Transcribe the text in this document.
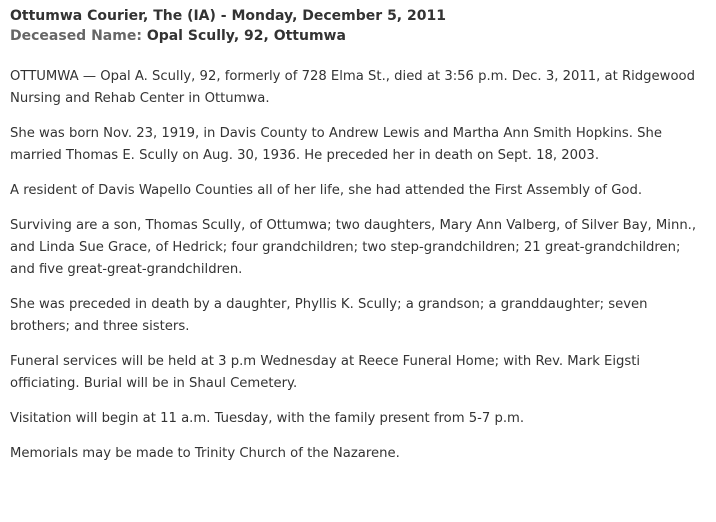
Ottumwa Courier, The (IA) - Monday, December 5, 2011
Deceased Name: Opal Scully, 92, Ottumwa

OTTUMWA — Opal A. Scully, 92, formerly of 728 Elma St., died at 3:56 p.m. Dec. 3, 2011, at Ridgewood Nursing and Rehab Center in Ottumwa.

She was born Nov. 23, 1919, in Davis County to Andrew Lewis and Martha Ann Smith Hopkins. She married Thomas E. Scully on Aug. 30, 1936. He preceded her in death on Sept. 18, 2003.

A resident of Davis Wapello Counties all of her life, she had attended the First Assembly of God.

Surviving are a son, Thomas Scully, of Ottumwa; two daughters, Mary Ann Valberg, of Silver Bay, Minn., and Linda Sue Grace, of Hedrick; four grandchildren; two step-grandchildren; 21 great-grandchildren; and five great-great-grandchildren.

She was preceded in death by a daughter, Phyllis K. Scully; a grandson; a granddaughter; seven brothers; and three sisters.

Funeral services will be held at 3 p.m Wednesday at Reece Funeral Home; with Rev. Mark Eigsti officiating. Burial will be in Shaul Cemetery.

Visitation will begin at 11 a.m. Tuesday, with the family present from 5-7 p.m.

Memorials may be made to Trinity Church of the Nazarene.
